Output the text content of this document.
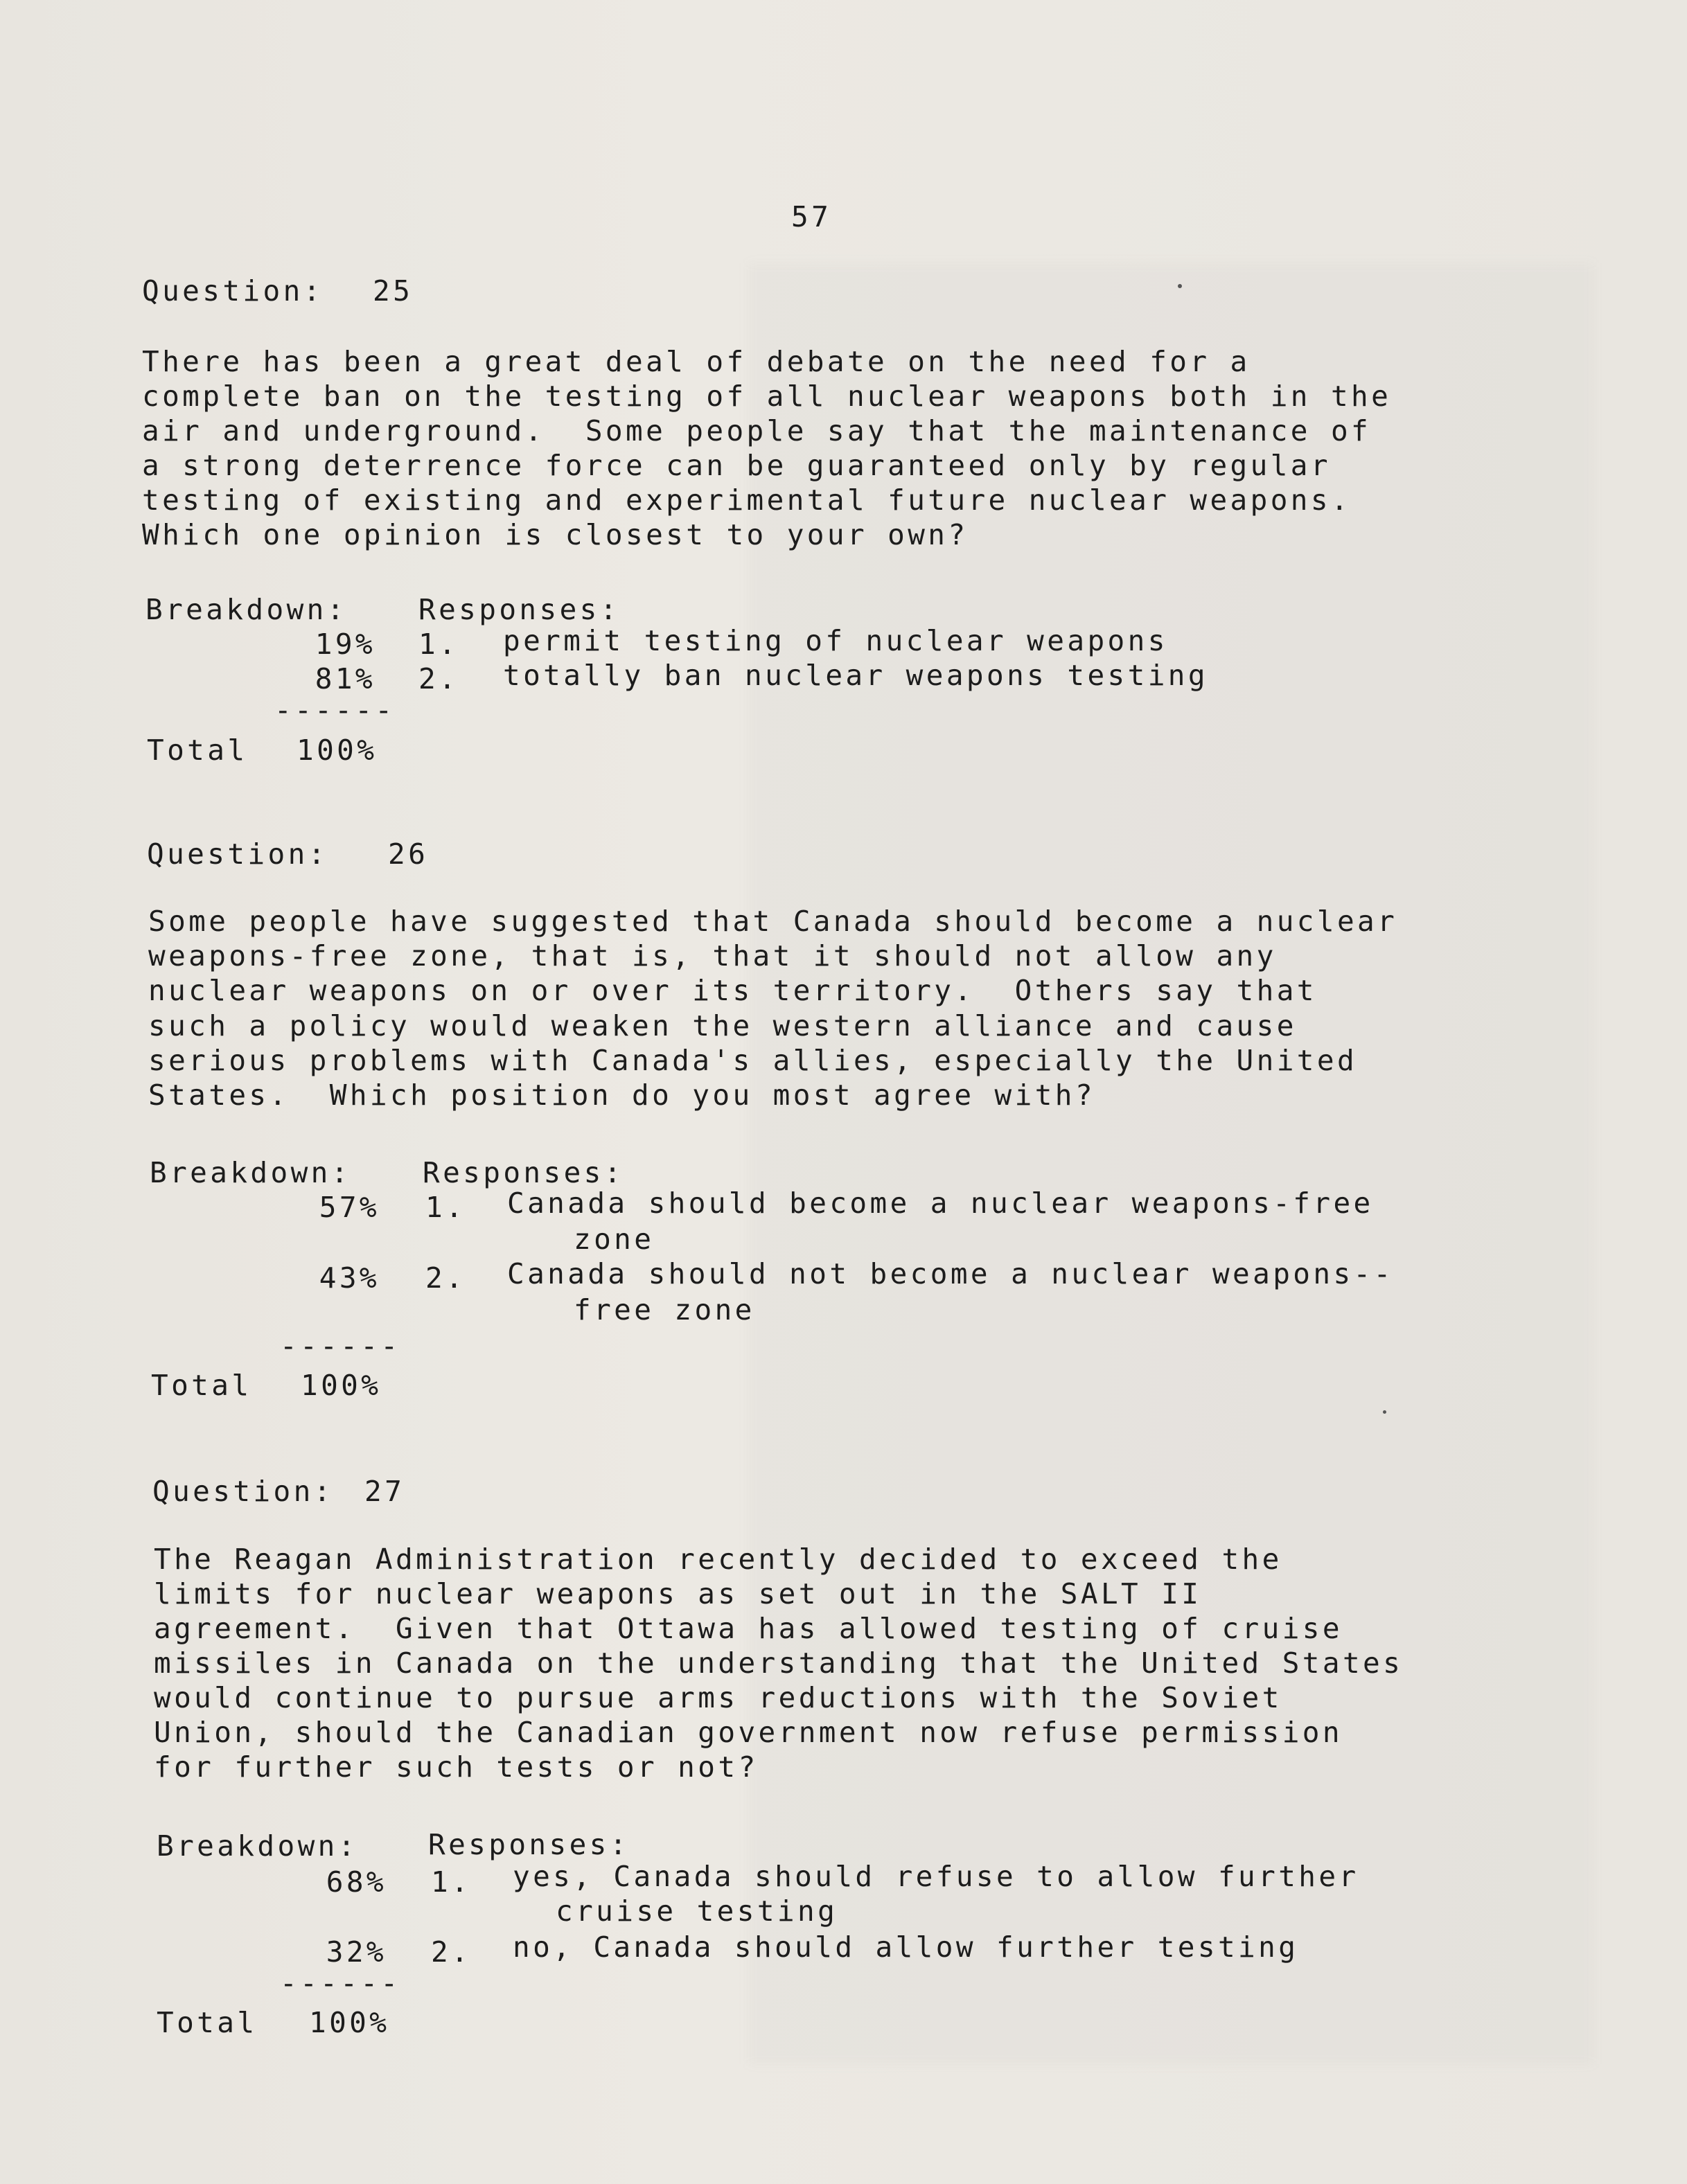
57
Question: 25
There has been a great deal of debate on the need for a
complete ban on the testing of all nuclear weapons both in the
air and underground.  Some people say that the maintenance of
a strong deterrence force can be guaranteed only by regular
testing of existing and experimental future nuclear weapons.
Which one opinion is closest to your own?
Breakdown:	Responses:
19% 1. permit testing of nuclear weapons
81% 2. totally ban nuclear weapons testing
------
Total 100%
Question: 26
Some people have suggested that Canada should become a nuclear
weapons-free zone, that is, that it should not allow any
nuclear weapons on or over its territory.  Others say that
such a policy would weaken the western alliance and cause
serious problems with Canada's allies, especially the United
States.  Which position do you most agree with?
Breakdown:	Responses:
57% 1. Canada should become a nuclear weapons-free
zone
43% 2. Canada should not become a nuclear weapons--
free zone
------
Total 100%
Question: 27
The Reagan Administration recently decided to exceed the
limits for nuclear weapons as set out in the SALT II
agreement.  Given that Ottawa has allowed testing of cruise
missiles in Canada on the understanding that the United States
would continue to pursue arms reductions with the Soviet
Union, should the Canadian government now refuse permission
for further such tests or not?
Breakdown: Responses:
68% 1. yes, Canada should refuse to allow further
cruise testing
32% 2. no, Canada should allow further testing
------
Total 100%
